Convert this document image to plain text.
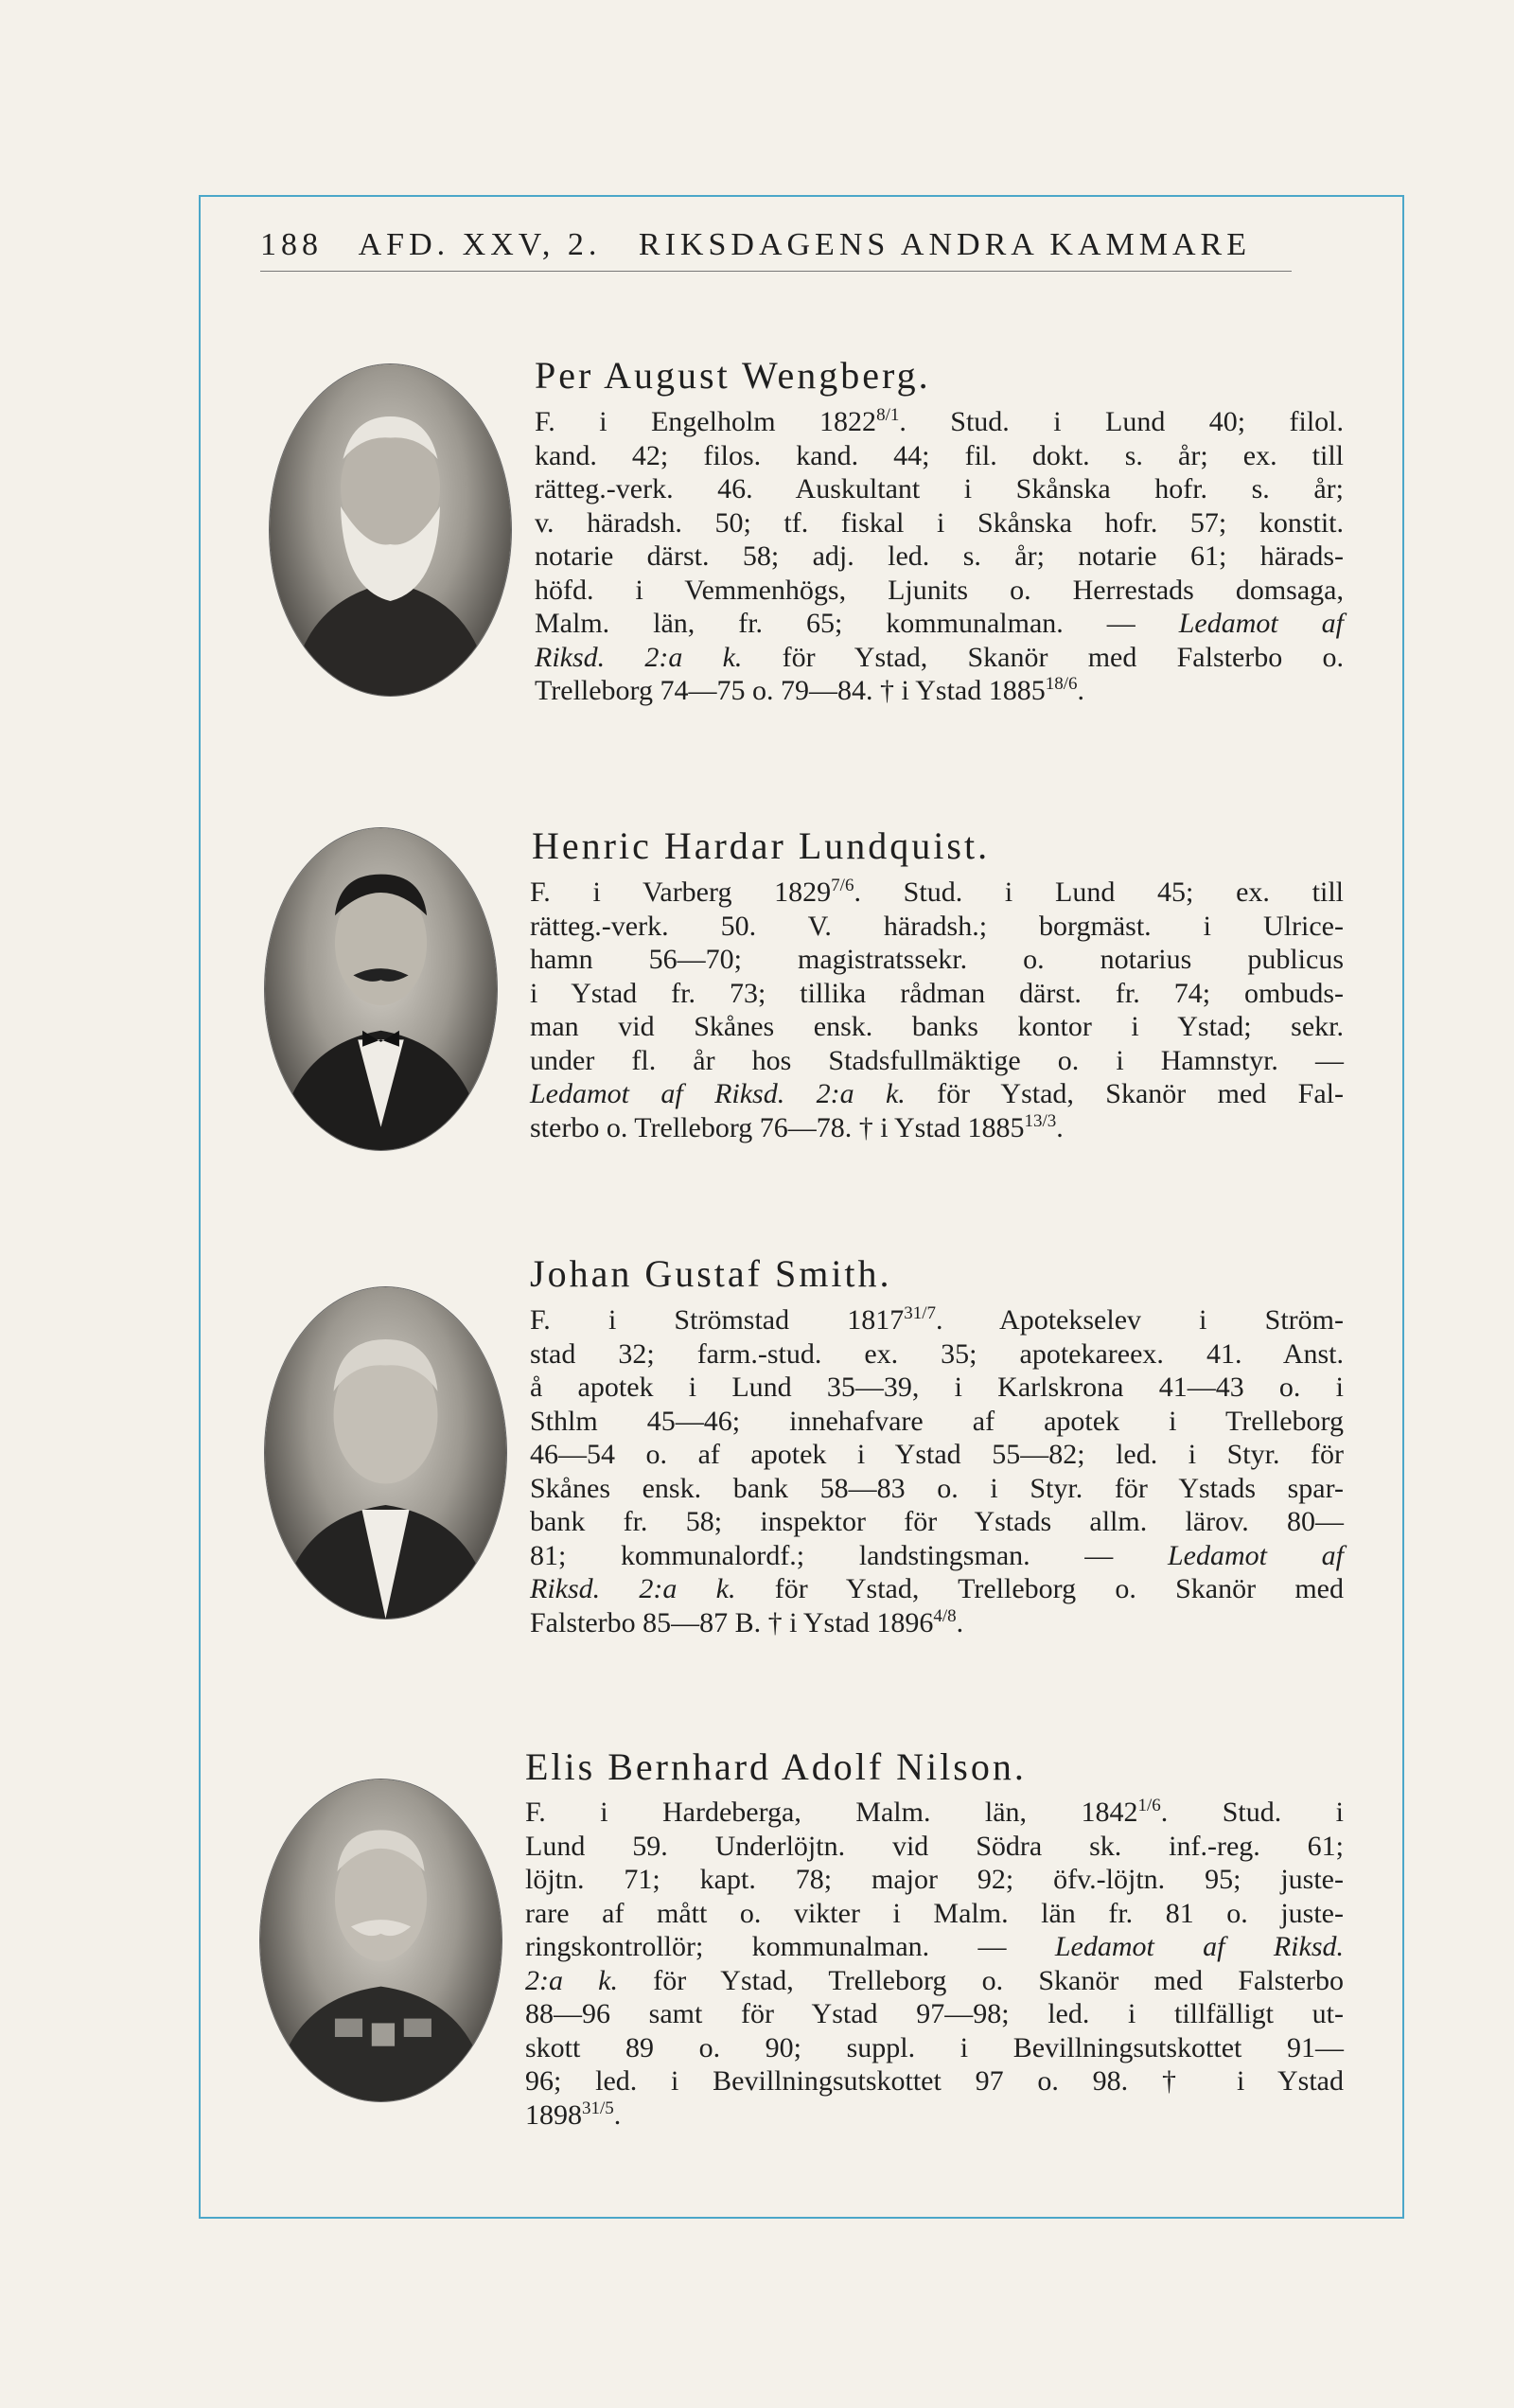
188 AFD. XXV, 2. RIKSDAGENS ANDRA KAMMARE
Per August Wengberg.
F. i Engelholm $1822^{8/1}$. Stud. i Lund 40; filol.
kand. 42; filos. kand. 44; fil. dokt. s. år; ex. till
rätteg.-verk. 46. Auskultant i Skånska hofr. s. år;
v. häradsh. 50; tf. fiskal i Skånska hofr. 57; konstit.
notarie därst. 58; adj. led. s. år; notarie 61; härads-
höfd. i Vemmenhögs, Ljunits o. Herrestads domsaga,
Malm. län, fr. 65; kommunalman. — Ledamot af
Riksd. 2:a k. för Ystad, Skanör med Falsterbo o.
Trelleborg 74—75 o. 79—84. † i Ystad $1885^{18/6}$.
Henric Hardar Lundquist.
F. i Varberg $1829^{7/6}$. Stud. i Lund 45; ex. till
rätteg.-verk. 50. V. häradsh.; borgmäst. i Ulrice-
hamn 56—70; magistratssekr. o. notarius publicus
i Ystad fr. 73; tillika rådman därst. fr. 74; ombuds-
man vid Skånes ensk. banks kontor i Ystad; sekr.
under fl. år hos Stadsfullmäktige o. i Hamnstyr. —
Ledamot af Riksd. 2:a k. för Ystad, Skanör med Fal-
sterbo o. Trelleborg 76—78. † i Ystad $1885^{13/3}$.
Johan Gustaf Smith.
F. i Strömstad $1817^{31/7}$. Apotekselev i Ström-
stad 32; farm.-stud. ex. 35; apotekareex. 41. Anst.
å apotek i Lund 35—39, i Karlskrona 41—43 o. i
Sthlm 45—46; innehafvare af apotek i Trelleborg
46—54 o. af apotek i Ystad 55—82; led. i Styr. för
Skånes ensk. bank 58—83 o. i Styr. för Ystads spar-
bank fr. 58; inspektor för Ystads allm. lärov. 80—
81; kommunalordf.; landstingsman. — Ledamot af
Riksd. 2:a k. för Ystad, Trelleborg o. Skanör med
Falsterbo 85—87 B. † i Ystad $1896^{4/8}$.
Elis Bernhard Adolf Nilson.
F. i Hardeberga, Malm. län, $1842^{1/6}$. Stud. i
Lund 59. Underlöjtn. vid Södra sk. inf.-reg. 61;
löjtn. 71; kapt. 78; major 92; öfv.-löjtn. 95; juste-
rare af mått o. vikter i Malm. län fr. 81 o. juste-
ringskontrollör; kommunalman. — Ledamot af Riksd.
2:a k. för Ystad, Trelleborg o. Skanör med Falsterbo
88—96 samt för Ystad 97—98; led. i tillfälligt ut-
skott 89 o. 90; suppl. i Bevillningsutskottet 91—
96; led. i Bevillningsutskottet 97 o. 98. † i Ystad
$1898^{31/5}$.
